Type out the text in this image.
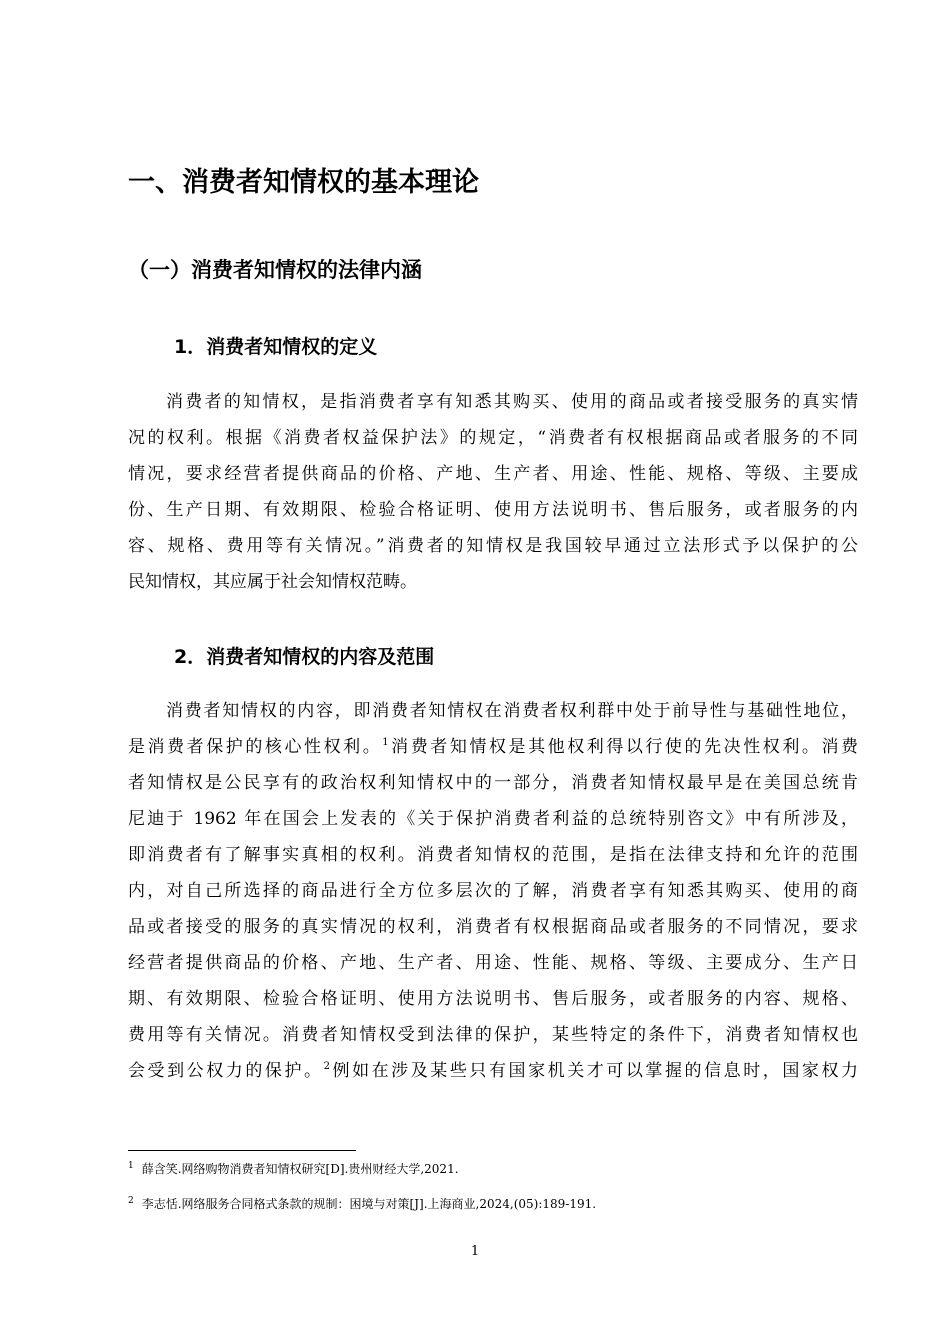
一、消费者知情权的基本理论
（一）消费者知情权的法律内涵
1．消费者知情权的定义
消费者的知情权，是指消费者享有知悉其购买、使用的商品或者接受服务的真实情
况的权利。根据《消费者权益保护法》的规定，“消费者有权根据商品或者服务的不同
情况，要求经营者提供商品的价格、产地、生产者、用途、性能、规格、等级、主要成
份、生产日期、有效期限、检验合格证明、使用方法说明书、售后服务，或者服务的内
容、规格、费用等有关情况。”消费者的知情权是我国较早通过立法形式予以保护的公
民知情权，其应属于社会知情权范畴。
2．消费者知情权的内容及范围
消费者知情权的内容，即消费者知情权在消费者权利群中处于前导性与基础性地位，
是消费者保护的核心性权利。$^1$消费者知情权是其他权利得以行使的先决性权利。消费
者知情权是公民享有的政治权利知情权中的一部分，消费者知情权最早是在美国总统肯
尼迪于 1962 年在国会上发表的《关于保护消费者利益的总统特别咨文》中有所涉及，
即消费者有了解事实真相的权利。消费者知情权的范围，是指在法律支持和允许的范围
内，对自己所选择的商品进行全方位多层次的了解，消费者享有知悉其购买、使用的商
品或者接受的服务的真实情况的权利，消费者有权根据商品或者服务的不同情况，要求
经营者提供商品的价格、产地、生产者、用途、性能、规格、等级、主要成分、生产日
期、有效期限、检验合格证明、使用方法说明书、售后服务，或者服务的内容、规格、
费用等有关情况。消费者知情权受到法律的保护，某些特定的条件下，消费者知情权也
会受到公权力的保护。$^2$例如在涉及某些只有国家机关才可以掌握的信息时，国家权力
$^1$ 薛含笑.网络购物消费者知情权研究[D].贵州财经大学,2021.
$^2$ 李志恬.网络服务合同格式条款的规制：困境与对策[J].上海商业,2024,(05):189-191.
1
